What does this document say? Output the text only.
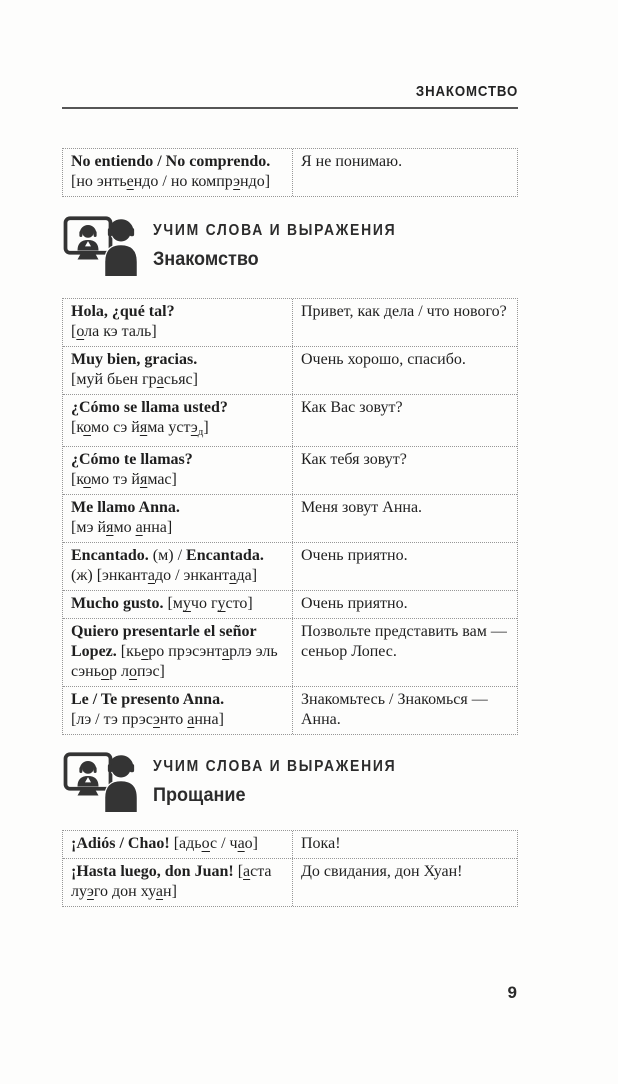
ЗНАКОМСТВО
No entiendo / No comprendo.
[но энтьендо / но компрэндо]
Я не понимаю.
УЧИМ СЛОВА И ВЫРАЖЕНИЯ
Знакомство
Hola, ¿qué tal?
[ола кэ таль]
Привет, как дела / что нового?
Muy bien, gracias.
[муй бьен грасьяс]
Очень хорошо, спасибо.
¿Cómo se llama usted?
[комо сэ йяма устэ$_д$]
Как Вас зовут?
¿Cómo te llamas?
[комо тэ йямас]
Как тебя зовут?
Me llamo Anna.
[мэ йямо анна]
Меня зовут Анна.
Encantado. (м) / Encantada. (ж) [энкантадо / энкантада]
Очень приятно.
Mucho gusto. [мучо густо]	Очень приятно.
Quiero presentarle el señor Lopez. [кьеро прэсэнтарлэ эль сэньор лопэс]
Позвольте представить вам — сеньор Лопес.
Le / Te presento Anna.
[лэ / тэ прэсэнто анна]
Знакомьтесь / Знакомься — Анна.
УЧИМ СЛОВА И ВЫРАЖЕНИЯ
Прощание
¡Adiós / Chao! [адьос / чао]	Пока!
¡Hasta luego, don Juan! [аста луэго дон хуан]
До свидания, дон Хуан!
9
